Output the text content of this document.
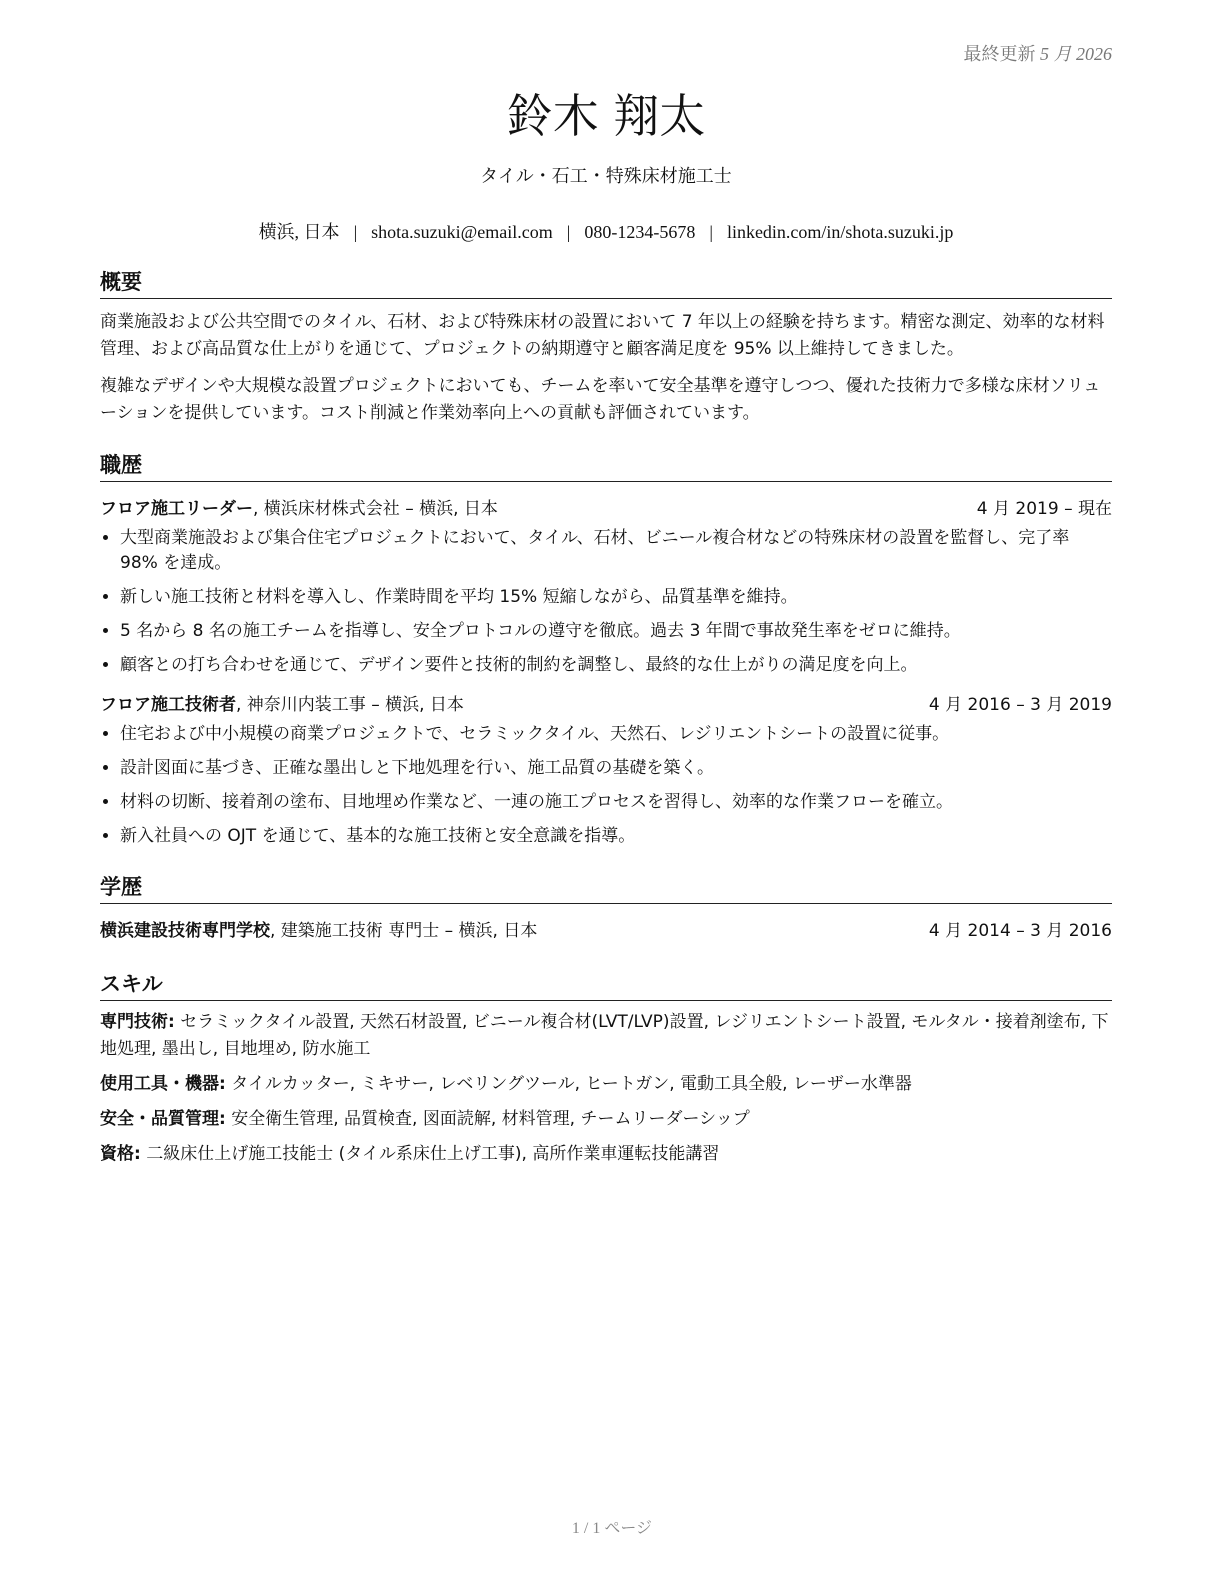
最終更新 5 月 2026
鈴木 翔太
タイル・石工・特殊床材施工士
横浜, 日本 | shota.suzuki@email.com | 080-1234-5678 | linkedin.com/in/shota.suzuki.jp
概要
商業施設および公共空間でのタイル、石材、および特殊床材の設置において 7 年以上の経験を持ちます。精密な測定、効率的な材料管理、および高品質な仕上がりを通じて、プロジェクトの納期遵守と顧客満足度を 95% 以上維持してきました。
複雑なデザインや大規模な設置プロジェクトにおいても、チームを率いて安全基準を遵守しつつ、優れた技術力で多様な床材ソリューションを提供しています。コスト削減と作業効率向上への貢献も評価されています。
職歴
フロア施工リーダー, 横浜床材株式会社 – 横浜, 日本	4 月 2019 – 現在
• 大型商業施設および集合住宅プロジェクトにおいて、タイル、石材、ビニール複合材などの特殊床材の設置を監督し、完了率 98% を達成。
• 新しい施工技術と材料を導入し、作業時間を平均 15% 短縮しながら、品質基準を維持。
• 5 名から 8 名の施工チームを指導し、安全プロトコルの遵守を徹底。過去 3 年間で事故発生率をゼロに維持。
• 顧客との打ち合わせを通じて、デザイン要件と技術的制約を調整し、最終的な仕上がりの満足度を向上。
フロア施工技術者, 神奈川内装工事 – 横浜, 日本	4 月 2016 – 3 月 2019
• 住宅および中小規模の商業プロジェクトで、セラミックタイル、天然石、レジリエントシートの設置に従事。
• 設計図面に基づき、正確な墨出しと下地処理を行い、施工品質の基礎を築く。
• 材料の切断、接着剤の塗布、目地埋め作業など、一連の施工プロセスを習得し、効率的な作業フローを確立。
• 新入社員への OJT を通じて、基本的な施工技術と安全意識を指導。
学歴
横浜建設技術専門学校, 建築施工技術 専門士 – 横浜, 日本	4 月 2014 – 3 月 2016
スキル
専門技術: セラミックタイル設置, 天然石材設置, ビニール複合材(LVT/LVP)設置, レジリエントシート設置, モルタル・接着剤塗布, 下地処理, 墨出し, 目地埋め, 防水施工
使用工具・機器: タイルカッター, ミキサー, レベリングツール, ヒートガン, 電動工具全般, レーザー水準器
安全・品質管理: 安全衛生管理, 品質検査, 図面読解, 材料管理, チームリーダーシップ
資格: 二級床仕上げ施工技能士 (タイル系床仕上げ工事), 高所作業車運転技能講習
1 / 1 ページ
